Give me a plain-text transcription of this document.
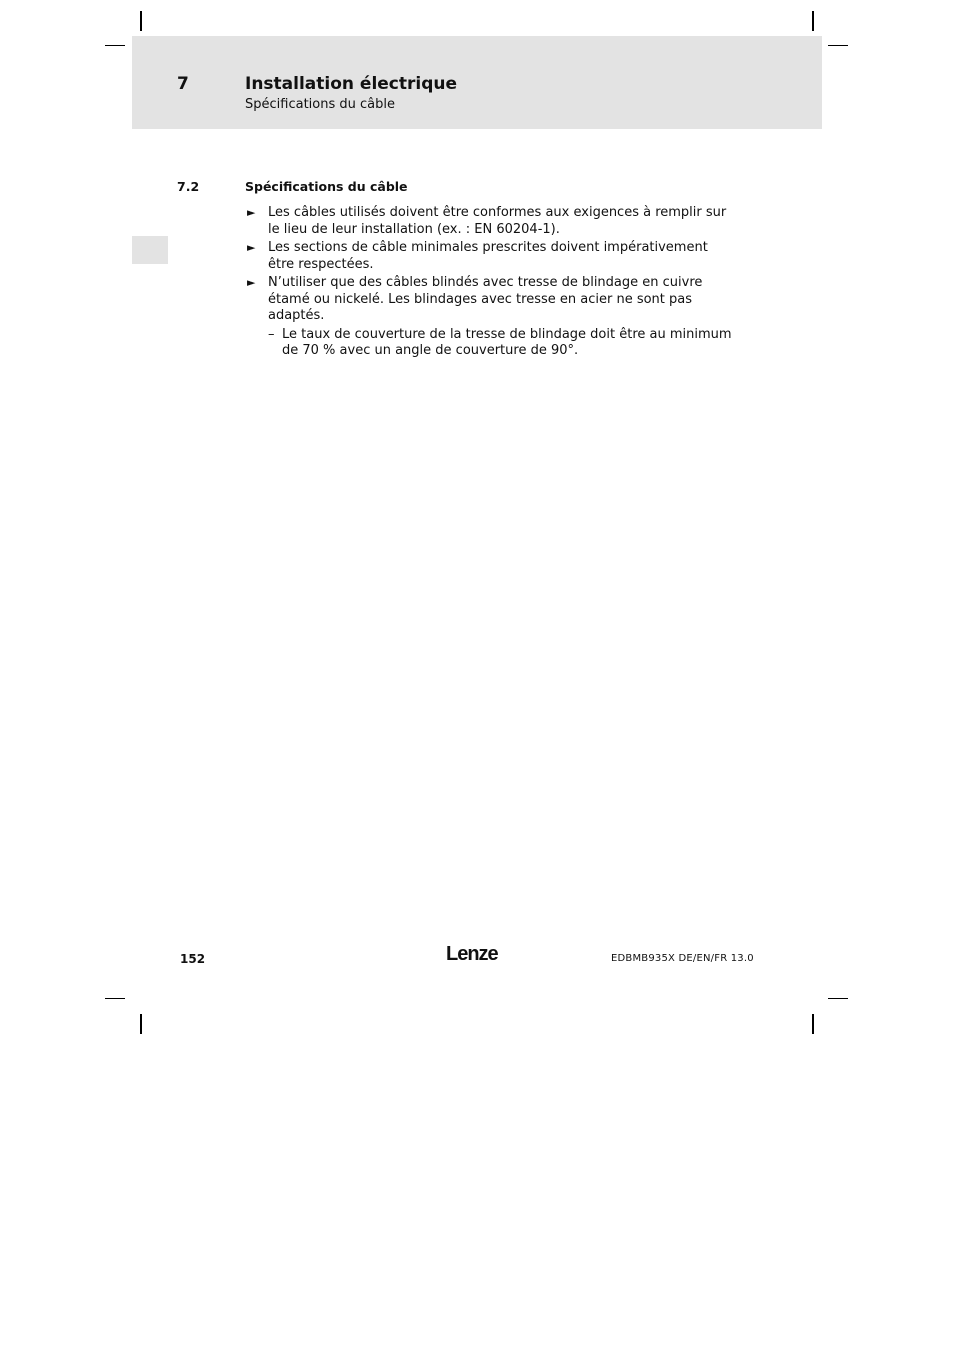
7	Installation électrique
Spécifications du câble
7.2	Spécifications du câble
► Les câbles utilisés doivent être conformes aux exigences à remplir sur le lieu de leur installation (ex. : EN 60204-1).
► Les sections de câble minimales prescrites doivent impérativement être respectées.
► N’utiliser que des câbles blindés avec tresse de blindage en cuivre étamé ou nickelé. Les blindages avec tresse en acier ne sont pas adaptés.
– Le taux de couverture de la tresse de blindage doit être au minimum de 70 % avec un angle de couverture de 90°.
152	Lenze	EDBMB935X DE/EN/FR 13.0
